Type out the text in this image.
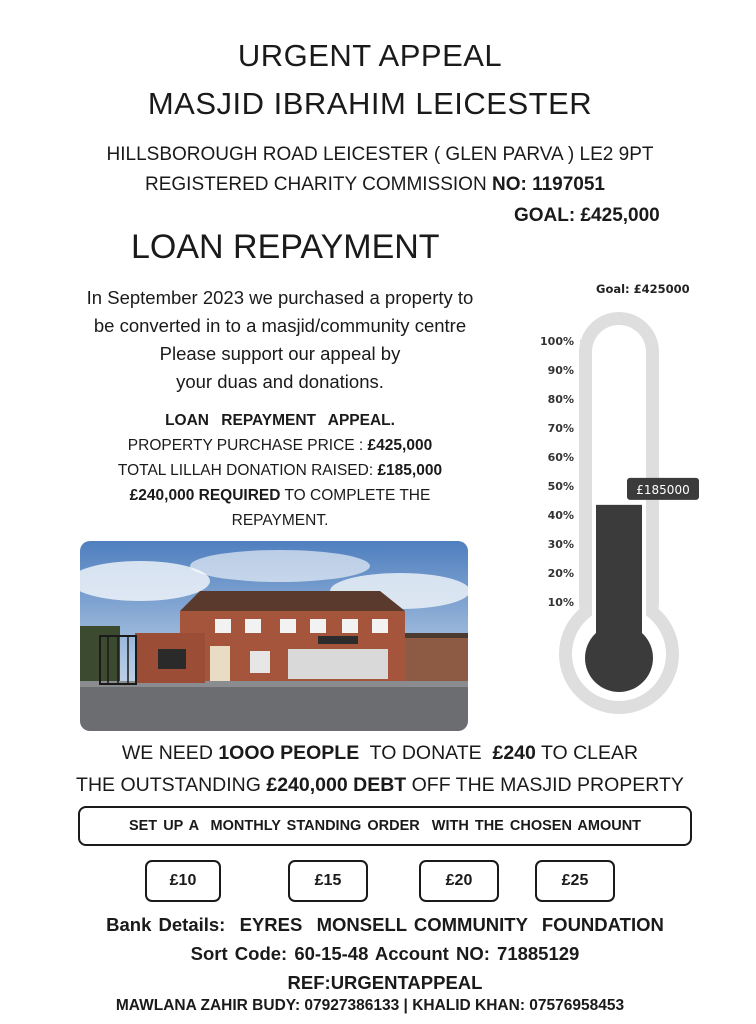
URGENT APPEAL
MASJID IBRAHIM LEICESTER
HILLSBOROUGH ROAD LEICESTER ( GLEN PARVA ) LE2 9PT
REGISTERED CHARITY COMMISSION NO: 1197051
GOAL: £425,000
LOAN REPAYMENT
In September 2023 we purchased a property to
be converted in to a masjid/community centre
Please support our appeal by
your duas and donations.
LOAN REPAYMENT APPEAL.
PROPERTY PURCHASE PRICE : £425,000
TOTAL LILLAH DONATION RAISED: £185,000
£240,000 REQUIRED TO COMPLETE THE
REPAYMENT.
Goal: £425000
100%
90%
80%
70%
60%
50%
40%
30%
20%
10%
£185000
WE NEED 1OOO PEOPLE  TO DONATE  £240 TO CLEAR
THE OUTSTANDING £240,000 DEBT OFF THE MASJID PROPERTY
SET UP A  MONTHLY STANDING ORDER  WITH THE CHOSEN AMOUNT
£10	£15	£20	£25
Bank Details:  EYRES  MONSELL COMMUNITY  FOUNDATION
Sort Code: 60-15-48 Account NO: 71885129
REF:URGENTAPPEAL
MAWLANA ZAHIR BUDY: 07927386133 | KHALID KHAN: 07576958453
